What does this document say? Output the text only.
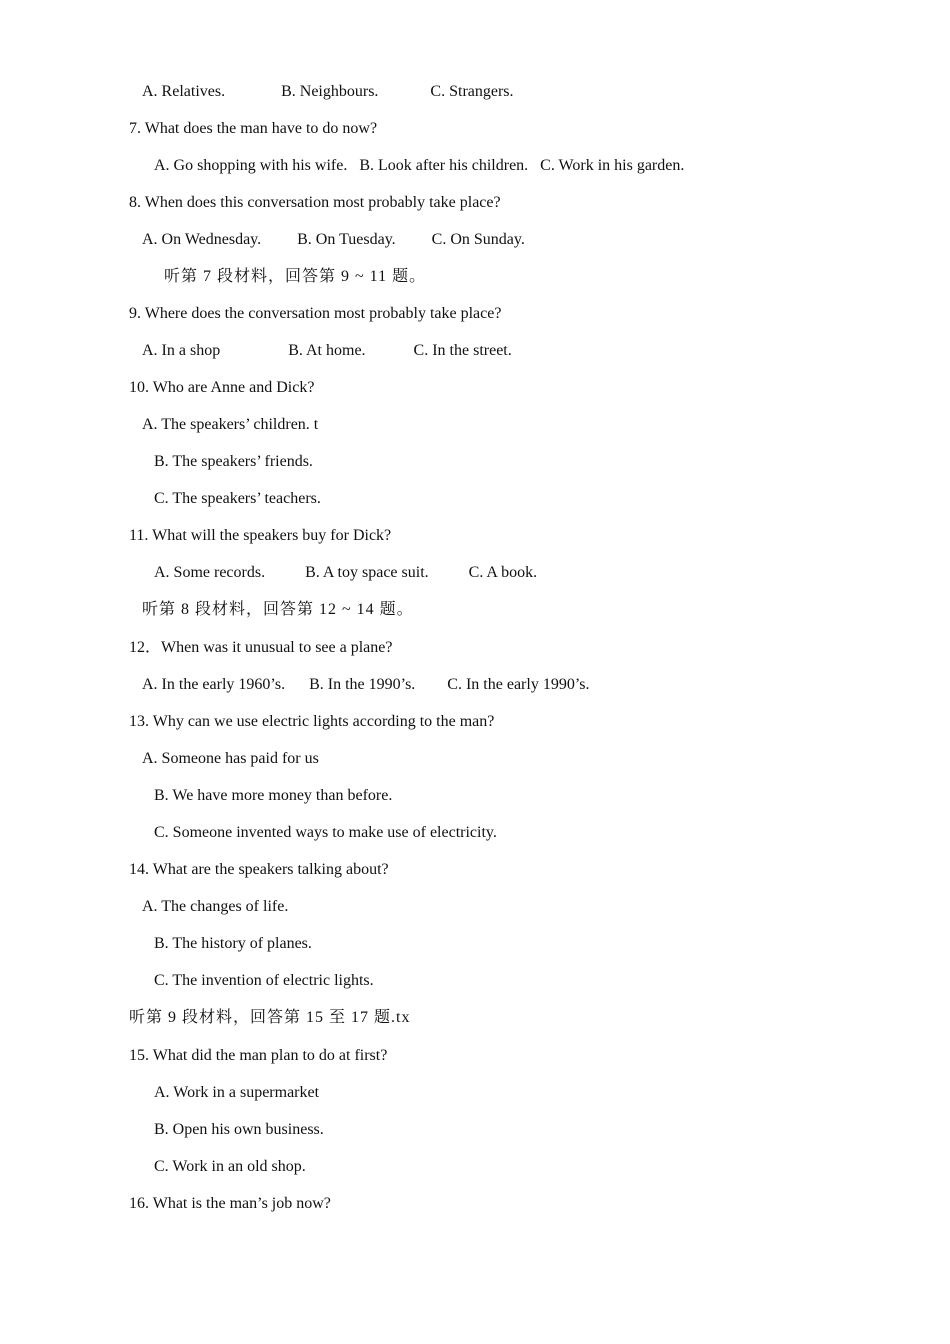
A. Relatives.              B. Neighbours.             C. Strangers.
7. What does the man have to do now?
A. Go shopping with his wife.   B. Look after his children.   C. Work in his garden.
8. When does this conversation most probably take place?
A. On Wednesday.         B. On Tuesday.         C. On Sunday.
听第 7 段材料，回答第 9 ~ 11 题。
9. Where does the conversation most probably take place?
A. In a shop                 B. At home.            C. In the street.
10. Who are Anne and Dick?
A. The speakers’ children. t
B. The speakers’ friends.
C. The speakers’ teachers.
11. What will the speakers buy for Dick?
A. Some records.          B. A toy space suit.          C. A book.
听第 8 段材料，回答第 12 ~ 14 题。
12．When was it unusual to see a plane?
A. In the early 1960’s.      B. In the 1990’s.        C. In the early 1990’s.
13. Why can we use electric lights according to the man?
A. Someone has paid for us
B. We have more money than before.
C. Someone invented ways to make use of electricity.
14. What are the speakers talking about?
A. The changes of life.
B. The history of planes.
C. The invention of electric lights.
听第 9 段材料，回答第 15 至 17 题.tx
15. What did the man plan to do at first?
A. Work in a supermarket
B. Open his own business.
C. Work in an old shop.
16. What is the man’s job now?
